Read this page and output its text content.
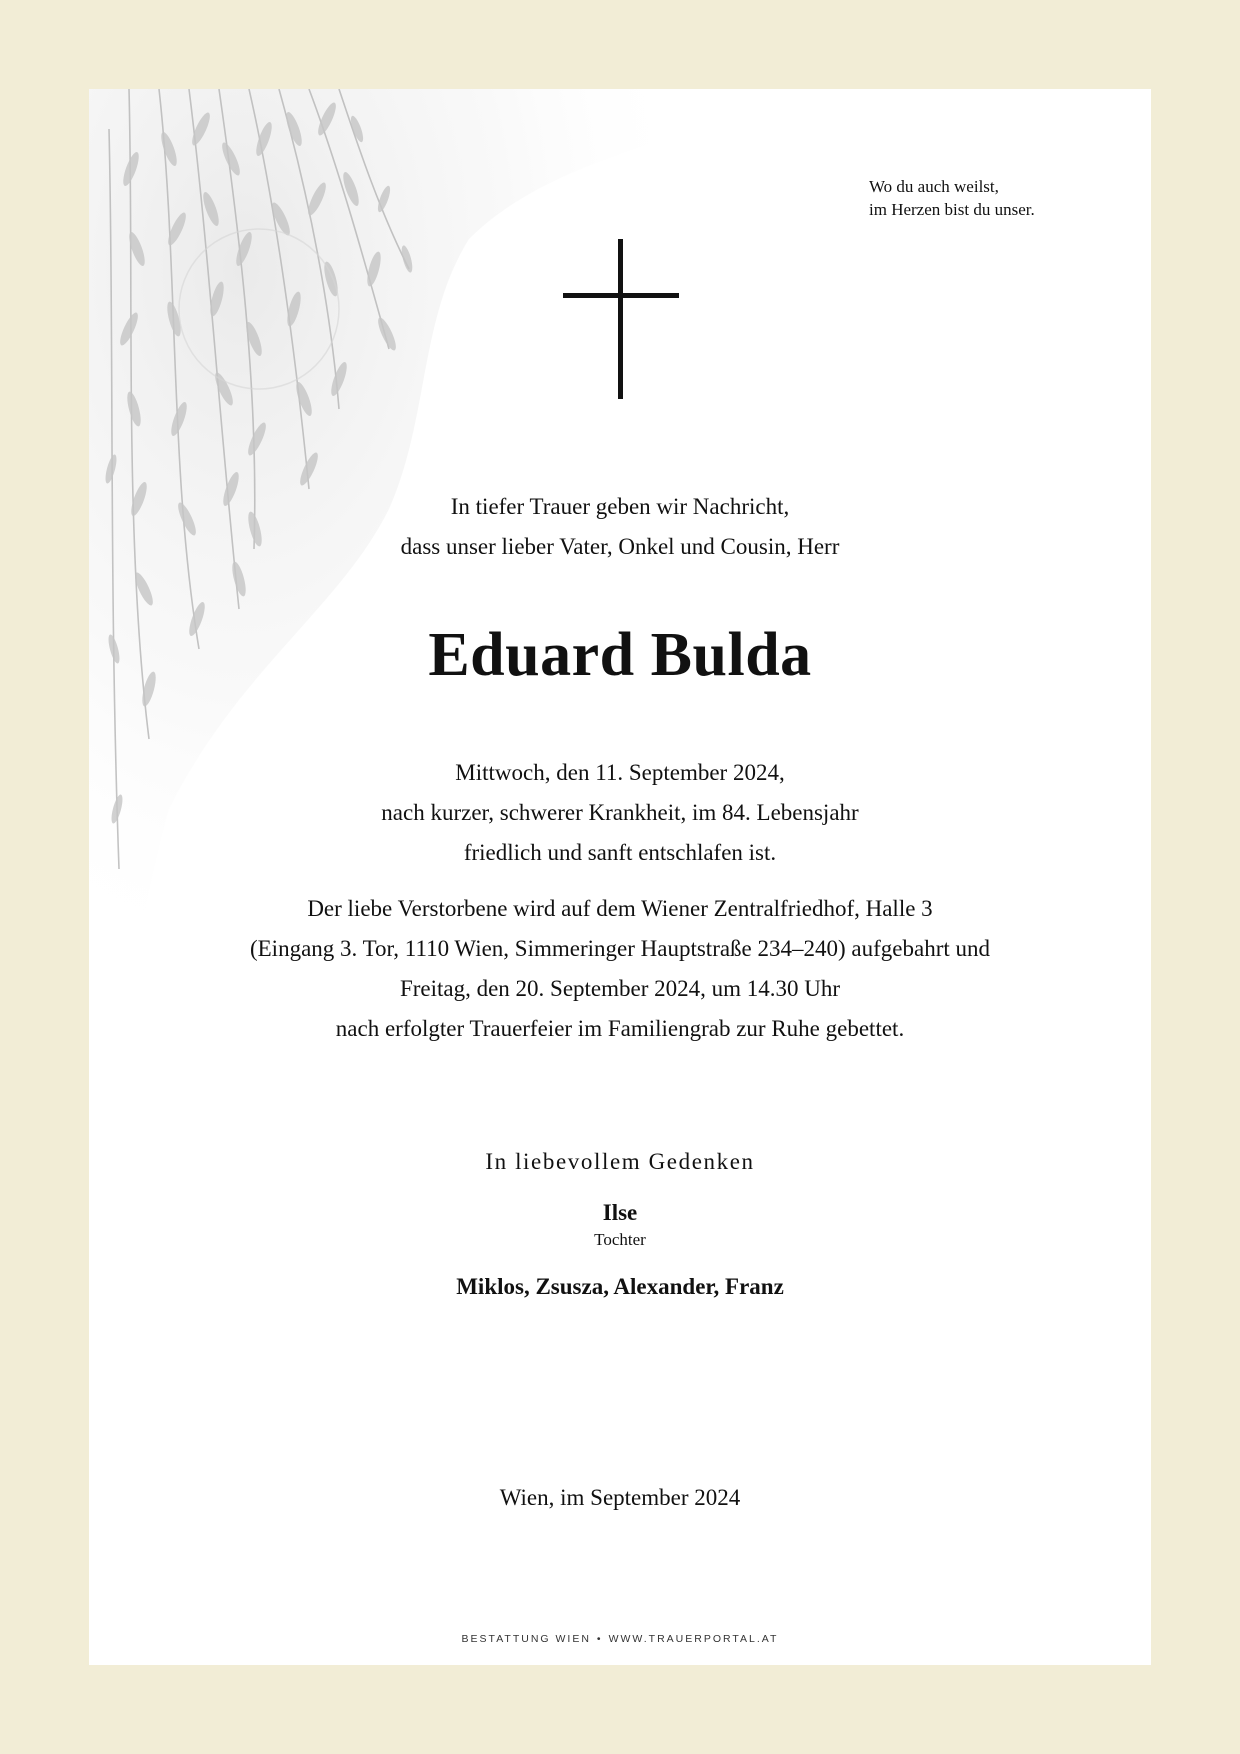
Wo du auch weilst,
im Herzen bist du unser.
In tiefer Trauer geben wir Nachricht,
dass unser lieber Vater, Onkel und Cousin, Herr
Eduard Bulda
Mittwoch, den 11. September 2024,
nach kurzer, schwerer Krankheit, im 84. Lebensjahr
friedlich und sanft entschlafen ist.
Der liebe Verstorbene wird auf dem Wiener Zentralfriedhof, Halle 3
(Eingang 3. Tor, 1110 Wien, Simmeringer Hauptstraße 234–240) aufgebahrt und
Freitag, den 20. September 2024, um 14.30 Uhr
nach erfolgter Trauerfeier im Familiengrab zur Ruhe gebettet.
In liebevollem Gedenken
Ilse
Tochter
Miklos, Zsusza, Alexander, Franz
Wien, im September 2024
BESTATTUNG WIEN • WWW.TRAUERPORTAL.AT
